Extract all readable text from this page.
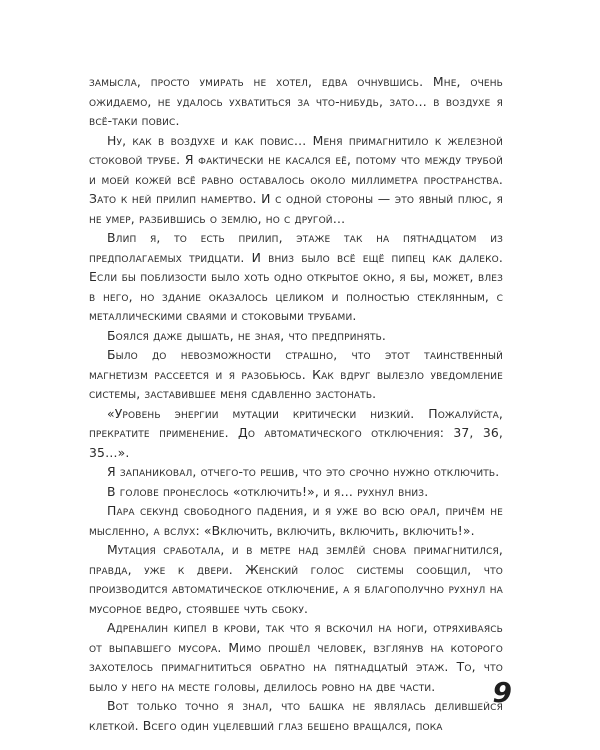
замысла, просто умирать не хотел, едва очнувшись. Мне, очень ожидаемо, не удалось ухватиться за что-нибудь, зато… в воздухе я всё-таки повис.

Ну, как в воздухе и как повис… Меня примагнитило к железной стоковой трубе. Я фактически не касался её, потому что между трубой и моей кожей всё равно оставалось около миллиметра пространства. Зато к ней прилип намертво. И с одной стороны — это явный плюс, я не умер, разбившись о землю, но с другой…

Влип я, то есть прилип, этаже так на пятнадцатом из предполагаемых тридцати. И вниз было всё ещё пипец как далеко. Если бы поблизости было хоть одно открытое окно, я бы, может, влез в него, но здание оказалось целиком и полностью стеклянным, с металлическими сваями и стоковыми трубами.

Боялся даже дышать, не зная, что предпринять.

Было до невозможности страшно, что этот таинственный магнетизм рассеется и я разобьюсь. Как вдруг вылезло уведомление системы, заставившее меня сдавленно застонать.

«Уровень энергии мутации критически низкий. Пожалуйста, прекратите применение. До автоматического отключения: 37, 36, 35…».

Я запаниковал, отчего-то решив, что это срочно нужно отключить.

В голове пронеслось «отключить!», и я… рухнул вниз.

Пара секунд свободного падения, и я уже во всю орал, причём не мысленно, а вслух: «Включить, включить, включить, включить!».

Мутация сработала, и в метре над землёй снова примагнитился, правда, уже к двери. Женский голос системы сообщил, что производится автоматическое отключение, а я благополучно рухнул на мусорное ведро, стоявшее чуть сбоку.

Адреналин кипел в крови, так что я вскочил на ноги, отряхиваясь от выпавшего мусора. Мимо прошёл человек, взглянув на которого захотелось примагнититься обратно на пятнадцатый этаж. То, что было у него на месте головы, делилось ровно на две части.

Вот только точно я знал, что башка не являлась делившейся клеткой. Всего один уцелевший глаз бешено вращался, пока

9
